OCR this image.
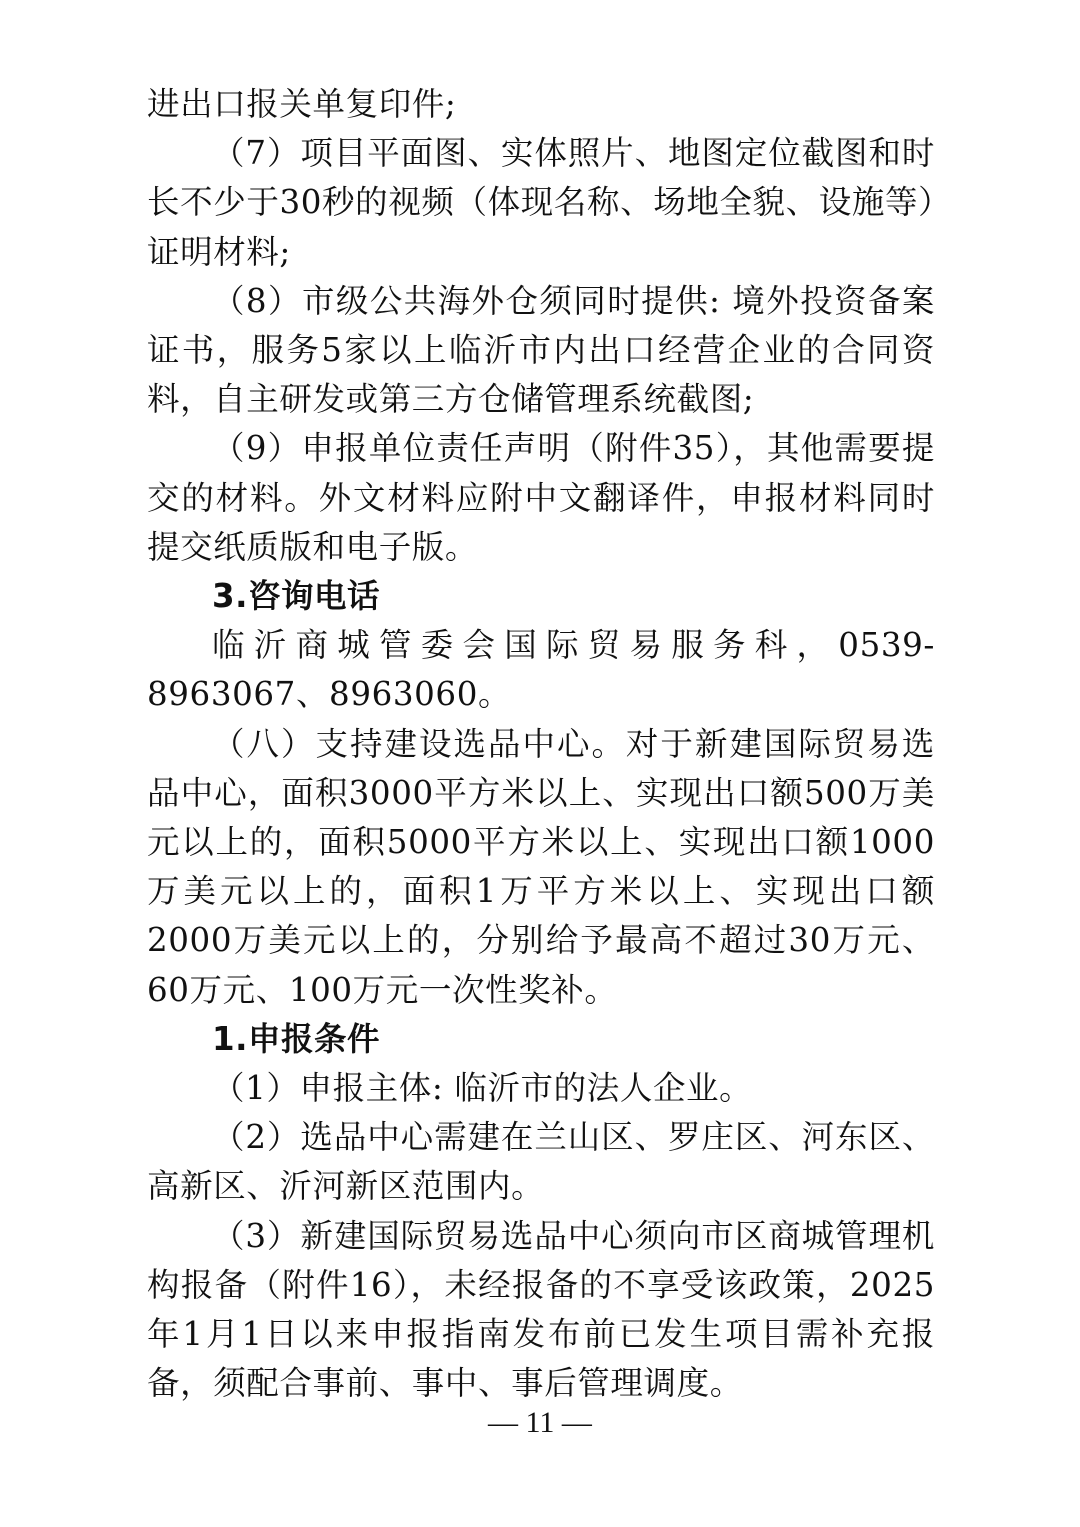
进出口报关单复印件;

（7）项目平面图、实体照片、地图定位截图和时长不少于30秒的视频（体现名称、场地全貌、设施等）证明材料;

（8）市级公共海外仓须同时提供: 境外投资备案证书，服务5家以上临沂市内出口经营企业的合同资料，自主研发或第三方仓储管理系统截图;

（9）申报单位责任声明（附件35），其他需要提交的材料。外文材料应附中文翻译件，申报材料同时提交纸质版和电子版。

3.咨询电话

临沂商城管委会国际贸易服务科，0539-8963067、8963060。

（八）支持建设选品中心。对于新建国际贸易选品中心，面积3000平方米以上、实现出口额500万美元以上的，面积5000平方米以上、实现出口额1000万美元以上的，面积1万平方米以上、实现出口额2000万美元以上的，分别给予最高不超过30万元、60万元、100万元一次性奖补。

1.申报条件

（1）申报主体: 临沂市的法人企业。

（2）选品中心需建在兰山区、罗庄区、河东区、高新区、沂河新区范围内。

（3）新建国际贸易选品中心须向市区商城管理机构报备（附件16），未经报备的不享受该政策，2025年1月1日以来申报指南发布前已发生项目需补充报备，须配合事前、事中、事后管理调度。

— 11 —
